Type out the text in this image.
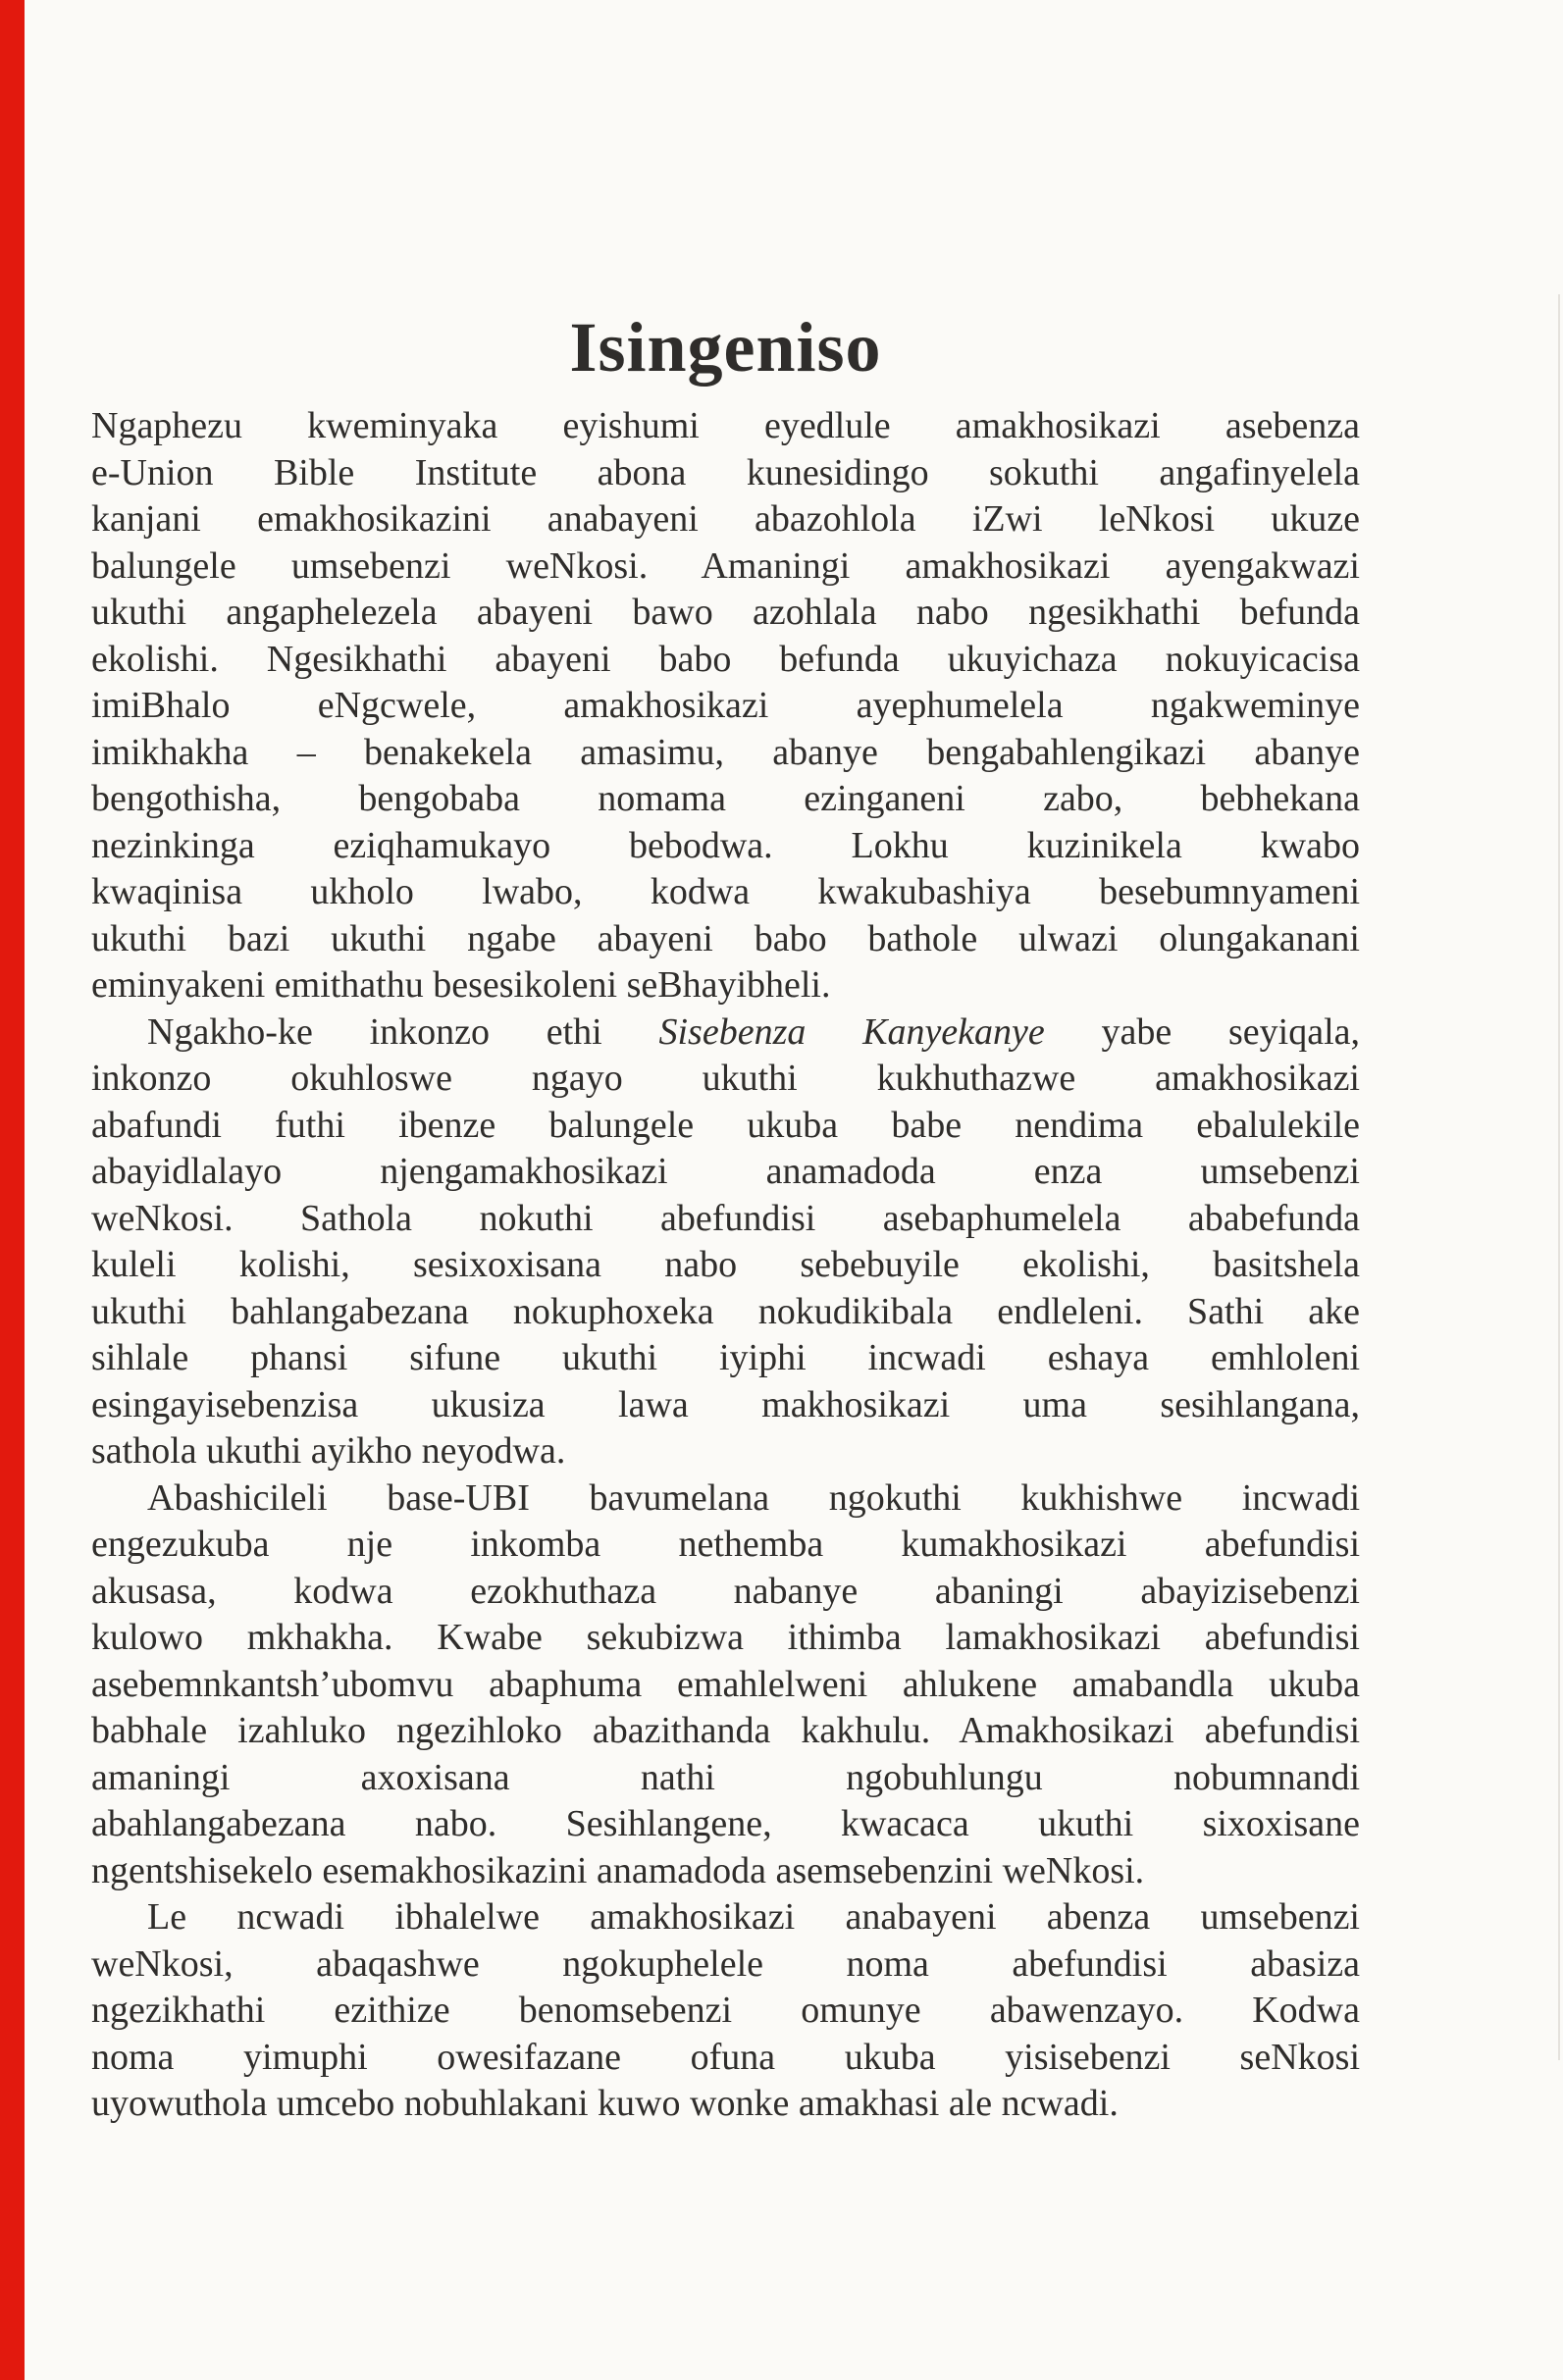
Isingeniso
Ngaphezu kweminyaka eyishumi eyedlule amakhosikazi asebenza
e-Union Bible Institute abona kunesidingo sokuthi angafinyelela
kanjani emakhosikazini anabayeni abazohlola iZwi leNkosi ukuze
balungele umsebenzi weNkosi. Amaningi amakhosikazi ayengakwazi
ukuthi angaphelezela abayeni bawo azohlala nabo ngesikhathi befunda
ekolishi. Ngesikhathi abayeni babo befunda ukuyichaza nokuyicacisa
imiBhalo eNgcwele, amakhosikazi ayephumelela ngakweminye
imikhakha – benakekela amasimu, abanye bengabahlengikazi abanye
bengothisha, bengobaba nomama ezinganeni zabo, bebhekana
nezinkinga eziqhamukayo bebodwa. Lokhu kuzinikela kwabo
kwaqinisa ukholo lwabo, kodwa kwakubashiya besebumnyameni
ukuthi bazi ukuthi ngabe abayeni babo bathole ulwazi olungakanani
eminyakeni emithathu besesikoleni seBhayibheli.
Ngakho-ke inkonzo ethi Sisebenza Kanyekanye yabe seyiqala,
inkonzo okuhloswe ngayo ukuthi kukhuthazwe amakhosikazi
abafundi futhi ibenze balungele ukuba babe nendima ebalulekile
abayidlalayo njengamakhosikazi anamadoda enza umsebenzi
weNkosi. Sathola nokuthi abefundisi asebaphumelela ababefunda
kuleli kolishi, sesixoxisana nabo sebebuyile ekolishi, basitshela
ukuthi bahlangabezana nokuphoxeka nokudikibala endleleni. Sathi ake
sihlale phansi sifune ukuthi iyiphi incwadi eshaya emhloleni
esingayisebenzisa ukusiza lawa makhosikazi uma sesihlangana,
sathola ukuthi ayikho neyodwa.
Abashicileli base-UBI bavumelana ngokuthi kukhishwe incwadi
engezukuba nje inkomba nethemba kumakhosikazi abefundisi
akusasa, kodwa ezokhuthaza nabanye abaningi abayizisebenzi
kulowo mkhakha. Kwabe sekubizwa ithimba lamakhosikazi abefundisi
asebemnkantsh’ubomvu abaphuma emahlelweni ahlukene amabandla ukuba
babhale izahluko ngezihloko abazithanda kakhulu. Amakhosikazi abefundisi
amaningi axoxisana nathi ngobuhlungu nobumnandi
abahlangabezana nabo. Sesihlangene, kwacaca ukuthi sixoxisane
ngentshisekelo esemakhosikazini anamadoda asemsebenzini weNkosi.
Le ncwadi ibhalelwe amakhosikazi anabayeni abenza umsebenzi
weNkosi, abaqashwe ngokuphelele noma abefundisi abasiza
ngezikhathi ezithize benomsebenzi omunye abawenzayo. Kodwa
noma yimuphi owesifazane ofuna ukuba yisisebenzi seNkosi
uyowuthola umcebo nobuhlakani kuwo wonke amakhasi ale ncwadi.
